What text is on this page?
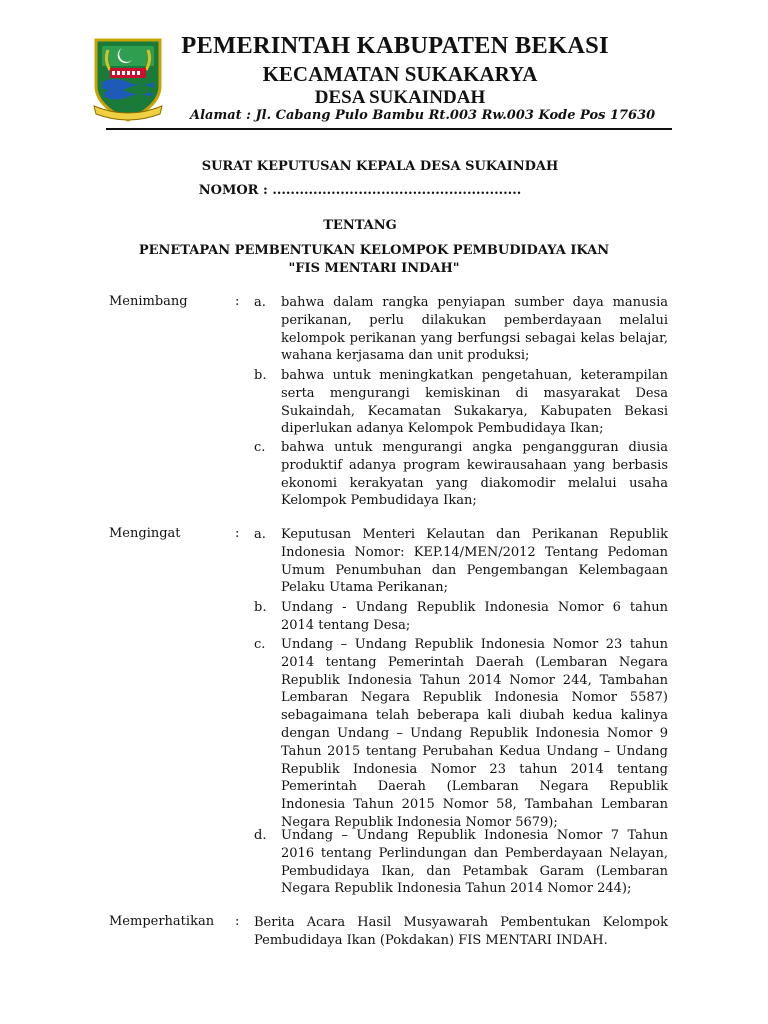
PEMERINTAH KABUPATEN BEKASI
KECAMATAN SUKAKARYA
DESA SUKAINDAH
Alamat : Jl. Cabang Pulo Bambu Rt.003 Rw.003 Kode Pos 17630
SURAT KEPUTUSAN KEPALA DESA SUKAINDAH
NOMOR : .......................................................
TENTANG
PENETAPAN PEMBENTUKAN KELOMPOK PEMBUDIDAYA IKAN
"FIS MENTARI INDAH"
Menimbang	: a. bahwa dalam rangka penyiapan sumber daya manusia perikanan, perlu dilakukan pemberdayaan melalui kelompok perikanan yang berfungsi sebagai kelas belajar, wahana kerjasama dan unit produksi;
b. bahwa untuk meningkatkan pengetahuan, keterampilan serta mengurangi kemiskinan di masyarakat Desa Sukaindah, Kecamatan Sukakarya, Kabupaten Bekasi diperlukan adanya Kelompok Pembudidaya Ikan;
c. bahwa untuk mengurangi angka pengangguran diusia produktif adanya program kewirausahaan yang berbasis ekonomi kerakyatan yang diakomodir melalui usaha Kelompok Pembudidaya Ikan;
Mengingat	: a. Keputusan Menteri Kelautan dan Perikanan Republik Indonesia Nomor: KEP.14/MEN/2012 Tentang Pedoman Umum Penumbuhan dan Pengembangan Kelembagaan Pelaku Utama Perikanan;
b. Undang - Undang Republik Indonesia Nomor 6 tahun 2014 tentang Desa;
c. Undang – Undang Republik Indonesia Nomor 23 tahun 2014 tentang Pemerintah Daerah (Lembaran Negara Republik Indonesia Tahun 2014 Nomor 244, Tambahan Lembaran Negara Republik Indonesia Nomor 5587) sebagaimana telah beberapa kali diubah kedua kalinya dengan Undang – Undang Republik Indonesia Nomor 9 Tahun 2015 tentang Perubahan Kedua Undang – Undang Republik Indonesia Nomor 23 tahun 2014 tentang Pemerintah Daerah (Lembaran Negara Republik Indonesia Tahun 2015 Nomor 58, Tambahan Lembaran Negara Republik Indonesia Nomor 5679);
d. Undang – Undang Republik Indonesia Nomor 7 Tahun 2016 tentang Perlindungan dan Pemberdayaan Nelayan, Pembudidaya Ikan, dan Petambak Garam (Lembaran Negara Republik Indonesia Tahun 2014 Nomor 244);
Memperhatikan : Berita Acara Hasil Musyawarah Pembentukan Kelompok Pembudidaya Ikan (Pokdakan) FIS MENTARI INDAH.
